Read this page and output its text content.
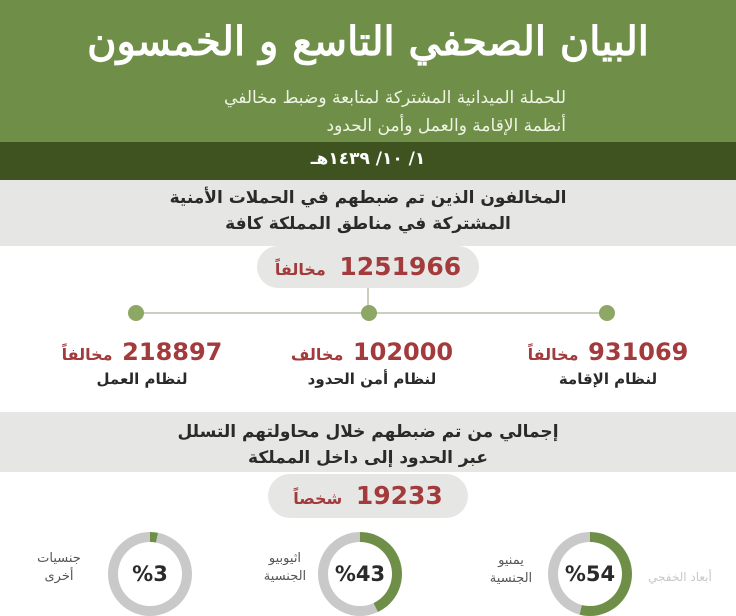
البيان الصحفي التاسع و الخمسون
للحملة الميدانية المشتركة لمتابعة وضبط مخالفي
أنظمة الإقامة والعمل وأمن الحدود
١/ ١٠/ ١٤٣٩هـ
المخالفون الذين تم ضبطهم في الحملات الأمنية
المشتركة في مناطق المملكة كافة
1251966 مخالفاً
931069 مخالفاً
لنظام الإقامة
102000 مخالف
لنظام أمن الحدود
218897 مخالفاً
لنظام العمل
إجمالي من تم ضبطهم خلال محاولتهم التسلل
عبر الحدود إلى داخل المملكة
19233 شخصاً
%54
يمنيو
الجنسية
%43
اثيوبيو
الجنسية
%3
جنسيات
أخرى	أبعاد الخفجي
